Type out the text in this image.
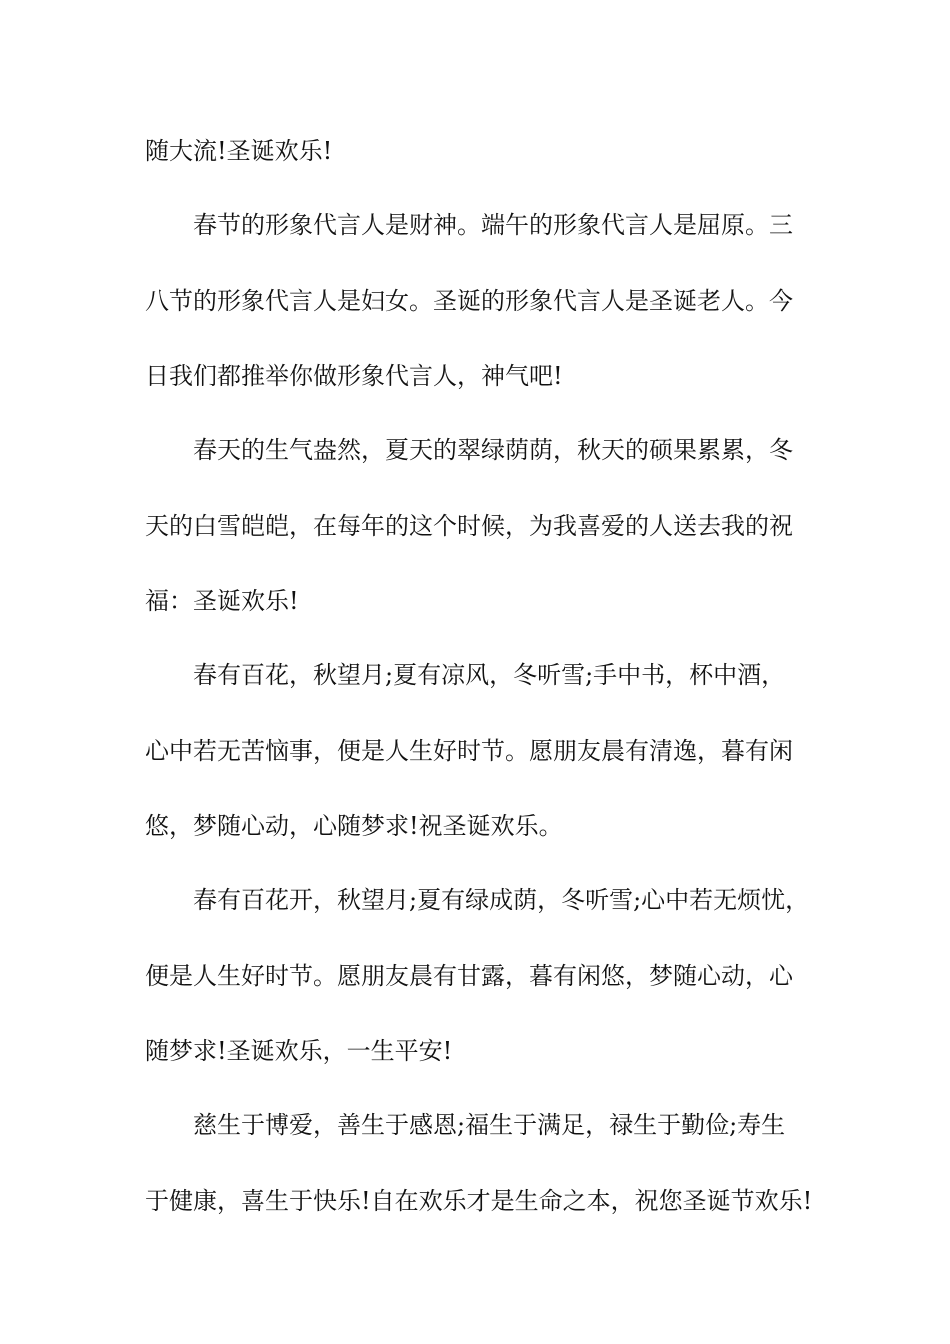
随大流!圣诞欢乐!
春节的形象代言人是财神。端午的形象代言人是屈原。三
八节的形象代言人是妇女。圣诞的形象代言人是圣诞老人。今
日我们都推举你做形象代言人，神气吧!
春天的生气盎然，夏天的翠绿荫荫，秋天的硕果累累，冬
天的白雪皑皑，在每年的这个时候，为我喜爱的人送去我的祝
福：圣诞欢乐!
春有百花，秋望月;夏有凉风，冬听雪;手中书，杯中酒，
心中若无苦恼事，便是人生好时节。愿朋友晨有清逸，暮有闲
悠，梦随心动，心随梦求!祝圣诞欢乐。
春有百花开，秋望月;夏有绿成荫，冬听雪;心中若无烦忧，
便是人生好时节。愿朋友晨有甘露，暮有闲悠，梦随心动，心
随梦求!圣诞欢乐，一生平安!
慈生于博爱，善生于感恩;福生于满足，禄生于勤俭;寿生
于健康，喜生于快乐!自在欢乐才是生命之本，祝您圣诞节欢乐!
